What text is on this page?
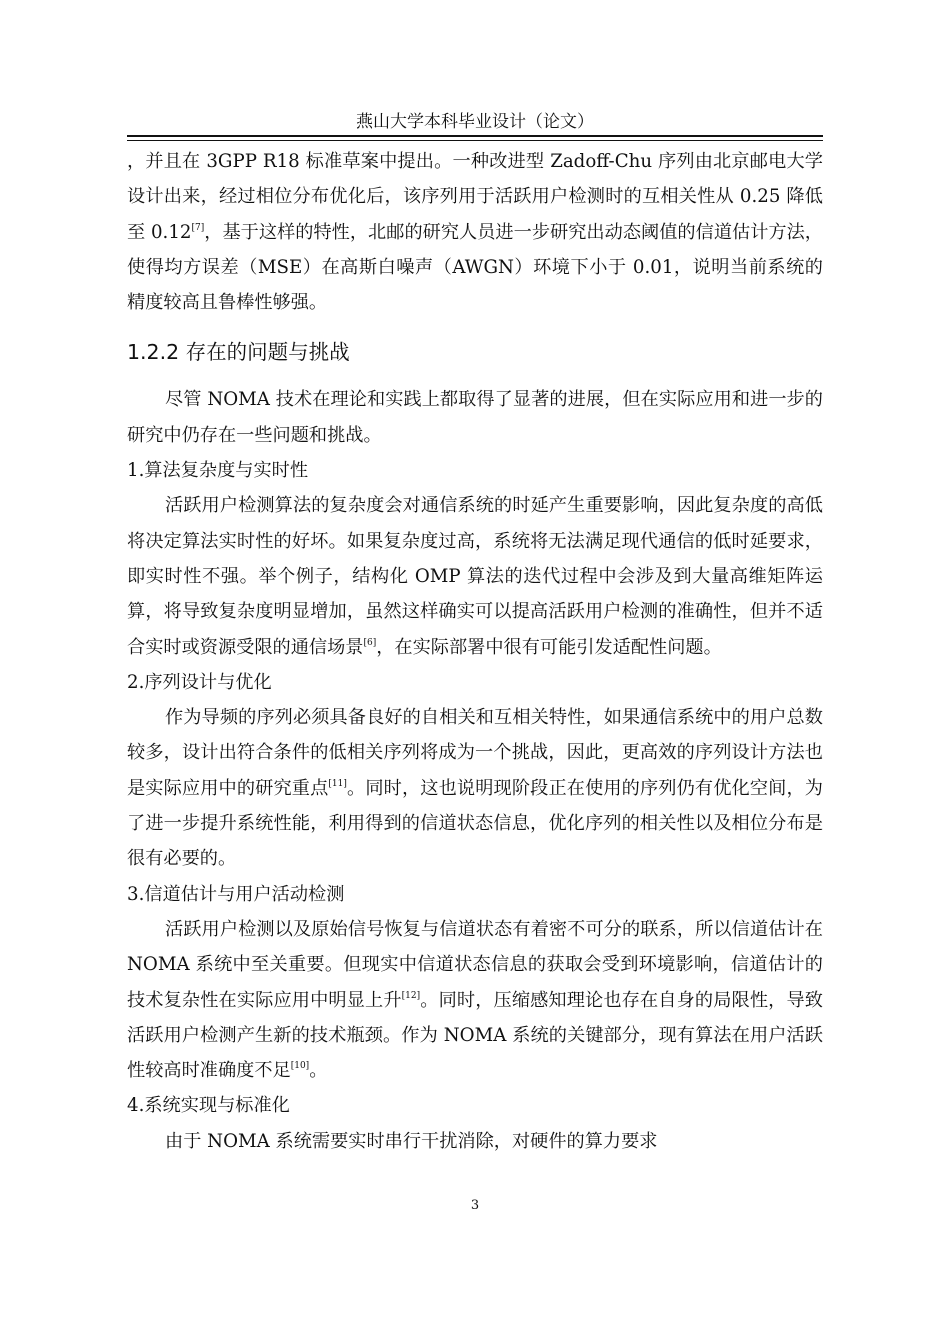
燕山大学本科毕业设计（论文）

，并且在 3GPP R18 标准草案中提出。一种改进型 Zadoff-Chu 序列由北京邮电大学设计出来，经过相位分布优化后，该序列用于活跃用户检测时的互相关性从 0.25 降低至 0.12[7]，基于这样的特性，北邮的研究人员进一步研究出动态阈值的信道估计方法，使得均方误差（MSE）在高斯白噪声（AWGN）环境下小于 0.01，说明当前系统的精度较高且鲁棒性够强。

1.2.2 存在的问题与挑战

尽管 NOMA 技术在理论和实践上都取得了显著的进展，但在实际应用和进一步的研究中仍存在一些问题和挑战。

1.算法复杂度与实时性

活跃用户检测算法的复杂度会对通信系统的时延产生重要影响，因此复杂度的高低将决定算法实时性的好坏。如果复杂度过高，系统将无法满足现代通信的低时延要求，即实时性不强。举个例子，结构化 OMP 算法的迭代过程中会涉及到大量高维矩阵运算，将导致复杂度明显增加，虽然这样确实可以提高活跃用户检测的准确性，但并不适合实时或资源受限的通信场景[6]，在实际部署中很有可能引发适配性问题。

2.序列设计与优化

作为导频的序列必须具备良好的自相关和互相关特性，如果通信系统中的用户总数较多，设计出符合条件的低相关序列将成为一个挑战，因此，更高效的序列设计方法也是实际应用中的研究重点[11]。同时，这也说明现阶段正在使用的序列仍有优化空间，为了进一步提升系统性能，利用得到的信道状态信息，优化序列的相关性以及相位分布是很有必要的。

3.信道估计与用户活动检测

活跃用户检测以及原始信号恢复与信道状态有着密不可分的联系，所以信道估计在 NOMA 系统中至关重要。但现实中信道状态信息的获取会受到环境影响，信道估计的技术复杂性在实际应用中明显上升[12]。同时，压缩感知理论也存在自身的局限性，导致活跃用户检测产生新的技术瓶颈。作为 NOMA 系统的关键部分，现有算法在用户活跃性较高时准确度不足[10]。

4.系统实现与标准化

由于 NOMA 系统需要实时串行干扰消除，对硬件的算力要求

3
